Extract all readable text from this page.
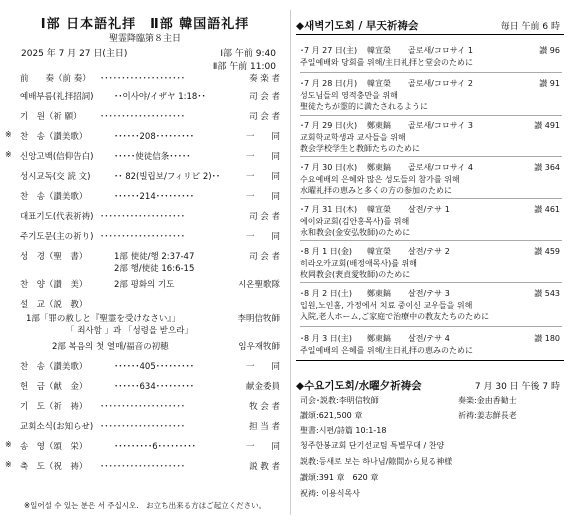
Ⅰ部 日本語礼拝　Ⅱ部 韓国語礼拝
聖霊降臨第８主日
2025 年 7 月 27 日(主日)	Ⅰ部 午前 9:40
Ⅱ部 午前 11:00
前　　奏（前 奏） ････････････････････	奏 楽 者
예배부름(礼拝招詞) ･･이사야/イザヤ 1:18･･	司 会 者
기　원（祈 願） ････････････････････	司 会 者
※ 찬　송（讃美歌）	･･････208･････････	一　　同
※ 신앙고백(信仰告白) ･････使徒信条･････	一　　同
성시교독(交 読 文)	･･ 82(빌립보/フィリピ 2)･･	一　　同
찬　송（讃美歌）	･･････214･････････	一　　同
대표기도(代表祈祷) ････････････････････	司 会 者
주기도문(主の祈り) ････････････････････	一　　同
성　경（聖　書）	1部 使徒/행 2:37-47	司 会 者
2部 행/使徒 16:6-15
찬　양（讃　美）	2部 평화의 기도	시온聖歌隊
설　교（説　教）
1部「罪の赦しと『聖霊を受けなさい』」	李明信牧師
「 죄사함 」과 「성령을 받으라」
2部 복음의 첫 열매/福音の初穂	임우재牧師
찬　송（讃美歌）	･･････405･････････	一　　同
헌　금（献　金）	･･････634･････････	献金委員
기　도（祈　祷） ････････････････････	牧 会 者
교회소식(お知らせ) ････････････････････	担 当 者
※ 송　영（頌　栄）	･････････6･････････	一　　同
※ 축　도（祝　祷） ････････････････････	説 教 者
※일어설 수 있는 분은 서 주십시오.　お立ち出来る方はご起立ください。
◆새벽기도회 / 早天祈祷会	毎日 午前 6 時
･7 月 27 日(主) 韓宣榮 골로새/コロサイ 1	讃 96
주일예배와 당회를 위해/主日礼拝と堂会のために
･7 月 28 日(月) 韓宣榮 골로새/コロサイ 2	讃 91
성도님들의 영적충만을 위해
聖徒たちが霊的に満たされるように
･7 月 29 日(火) 鄭東鎬 골로새/コロサイ 3	讃 491
교회학교학생과 교사들을 위해
教会学校学生と教師たちのために
･7 月 30 日(水) 鄭東鎬 골로새/コロサイ 4	讃 364
수요예배의 은혜와 많은 성도들의 참가를 위해
水曜礼拝の恵みと多くの方の参加のために
･7 月 31 日(木) 韓宣榮 살전/テサ 1	讃 461
에이와교회(김안홍목사)를 위해
永和教会(金安弘牧師)のために
･8 月 1 日(金) 韓宣榮 살전/テサ 2	讃 459
히라오카교회(배정애목사)를 위해
枚岡教会(裵貞愛牧師)のために
･8 月 2 日(土) 鄭東鎬 살전/テサ 3	讃 543
입원,노인홈, 가정에서 치료 중이신 교우들을 위해
入院,老人ホーム,ご家庭で治療中の教友たちのために
･8 月 3 日(主) 鄭東鎬 살전/テサ 4	讃 180
주일예배의 은혜를 위해/主日礼拝の恵みのために
◆수요기도회/水曜夕祈祷会	7 月 30 日 午後 7 時
司会･説教:李明信牧師	奏楽:金由香勧士
讃頌:621,500 章	祈祷:姜志鮮長老
聖書:시편/詩篇 10:1-18
청주한봉교회 단기선교팀 특별무대 / 찬양
説教:등새로 보는 하나님/隙間から見る神様
讃頌:391 章　620 章
祝祷: 이용식목사
